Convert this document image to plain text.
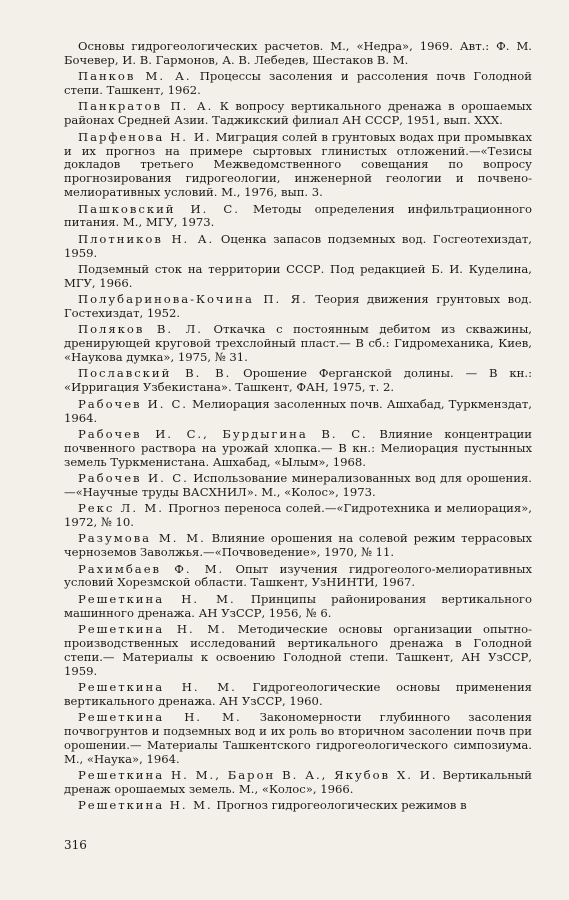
Основы гидрогеологических расчетов. М., «Недра», 1969. Авт.: Ф. М. Бочевер, И. В. Гармонов, А. В. Лебедев, Шестаков В. М.

Панков М. А. Процессы засоления и рассоления почв Голодной степи. Ташкент, 1962.

Панкратов П. А. К вопросу вертикального дренажа в орошаемых районах Средней Азии. Таджикский филиал АН СССР, 1951, вып. XXX.

Парфенова Н. И. Миграция солей в грунтовых водах при промывках и их прогноз на примере сыртовых глинистых отложений.—«Тезисы докладов третьего Межведомственного совещания по вопросу прогнозирования гидрогеологии, инженерной геологии и почвено-мелиоративных условий. М., 1976, вып. 3.

Пашковский И. С. Методы определения инфильтрационного питания. М., МГУ, 1973.

Плотников Н. А. Оценка запасов подземных вод. Госгеотехиздат, 1959.

Подземный сток на территории СССР. Под редакцией Б. И. Куделина, МГУ, 1966.

Полубаринова-Кочина П. Я. Теория движения грунтовых вод. Гостехиздат, 1952.

Поляков В. Л. Откачка с постоянным дебитом из скважины, дренирующей круговой трехслойный пласт.— В сб.: Гидромеханика, Киев, «Наукова думка», 1975, № 31.

Пославский В. В. Орошение Ферганской долины. — В кн.: «Ирригация Узбекистана». Ташкент, ФАН, 1975, т. 2.

Рабочев И. С. Мелиорация засоленных почв. Ашхабад, Туркменздат, 1964.

Рабочев И. С., Бурдыгина В. С. Влияние концентрации почвенного раствора на урожай хлопка.— В кн.: Мелиорация пустынных земель Туркменистана. Ашхабад, «Ылым», 1968.

Рабочев И. С. Использование минерализованных вод для орошения.—«Научные труды ВАСХНИЛ». М., «Колос», 1973.

Рекс Л. М. Прогноз переноса солей.—«Гидротехника и мелиорация», 1972, № 10.

Разумова М. М. Влияние орошения на солевой режим террасовых черноземов Заволжья.—«Почвоведение», 1970, № 11.

Рахимбаев Ф. М. Опыт изучения гидрогеолого-мелиоративных условий Хорезмской области. Ташкент, УзНИНТИ, 1967.

Решеткина Н. М. Принципы районирования вертикального машинного дренажа. АН УзССР, 1956, № 6.

Решеткина Н. М. Методические основы организации опытно-производственных исследований вертикального дренажа в Голодной степи.— Материалы к освоению Голодной степи. Ташкент, АН УзССР, 1959.

Решеткина Н. М. Гидрогеологические основы применения вертикального дренажа. АН УзССР, 1960.

Решеткина Н. М. Закономерности глубинного засоления почвогрунтов и подземных вод и их роль во вторичном засолении почв при орошении.— Материалы Ташкентского гидрогеологического симпозиума. М., «Наука», 1964.

Решеткина Н. М., Барон В. А., Якубов Х. И. Вертикальный дренаж орошаемых земель. М., «Колос», 1966.

Решеткина Н. М. Прогноз гидрогеологических режимов в

316
